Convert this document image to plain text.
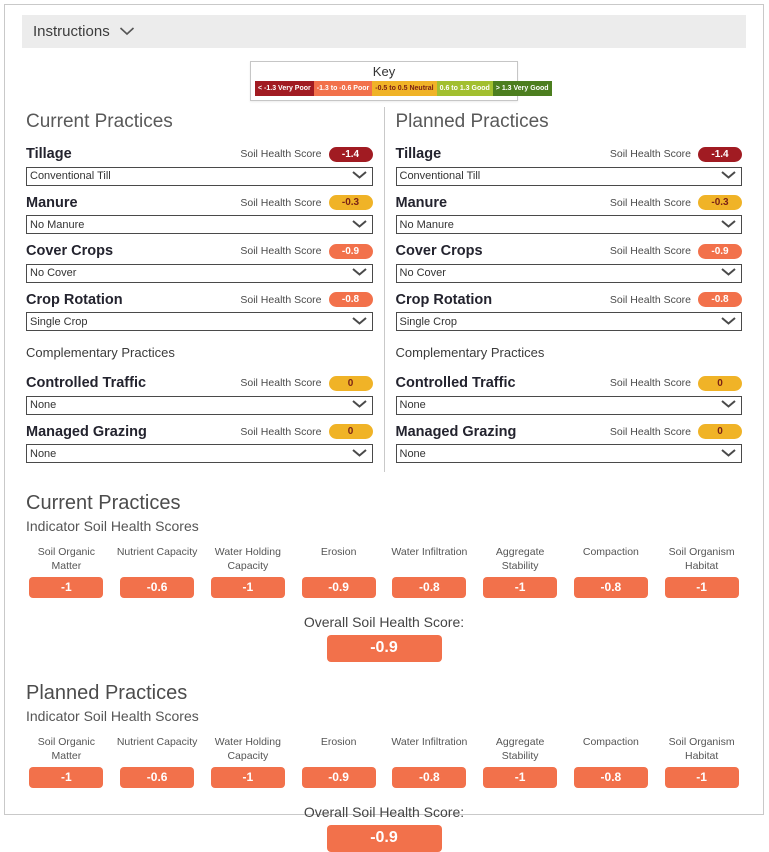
Instructions
Key
< -1.3 Very Poor -1.3 to -0.6 Poor -0.5 to 0.5 Neutral 0.6 to 1.3 Good > 1.3 Very Good
Current Practices
Tillage	Soil Health Score	-1.4
Conventional Till
Manure	Soil Health Score	-0.3
No Manure
Cover Crops	Soil Health Score	-0.9
No Cover
Crop Rotation	Soil Health Score	-0.8
Single Crop
Complementary Practices
Controlled Traffic	Soil Health Score	0
None
Managed Grazing	Soil Health Score	0
None
Planned Practices
Tillage	Soil Health Score	-1.4
Conventional Till
Manure	Soil Health Score	-0.3
No Manure
Cover Crops	Soil Health Score	-0.9
No Cover
Crop Rotation	Soil Health Score	-0.8
Single Crop
Complementary Practices
Controlled Traffic	Soil Health Score	0
None
Managed Grazing	Soil Health Score	0
None
Current Practices
Indicator Soil Health Scores
Soil Organic Matter
-1
Nutrient Capacity
-0.6
Water Holding Capacity
-1
Erosion
-0.9
Water Infiltration
-0.8
Aggregate Stability
-1
Compaction
-0.8
Soil Organism Habitat
-1
Overall Soil Health Score:
-0.9
Planned Practices
Indicator Soil Health Scores
Soil Organic Matter
-1
Nutrient Capacity
-0.6
Water Holding Capacity
-1
Erosion
-0.9
Water Infiltration
-0.8
Aggregate Stability
-1
Compaction
-0.8
Soil Organism Habitat
-1
Overall Soil Health Score:
-0.9
